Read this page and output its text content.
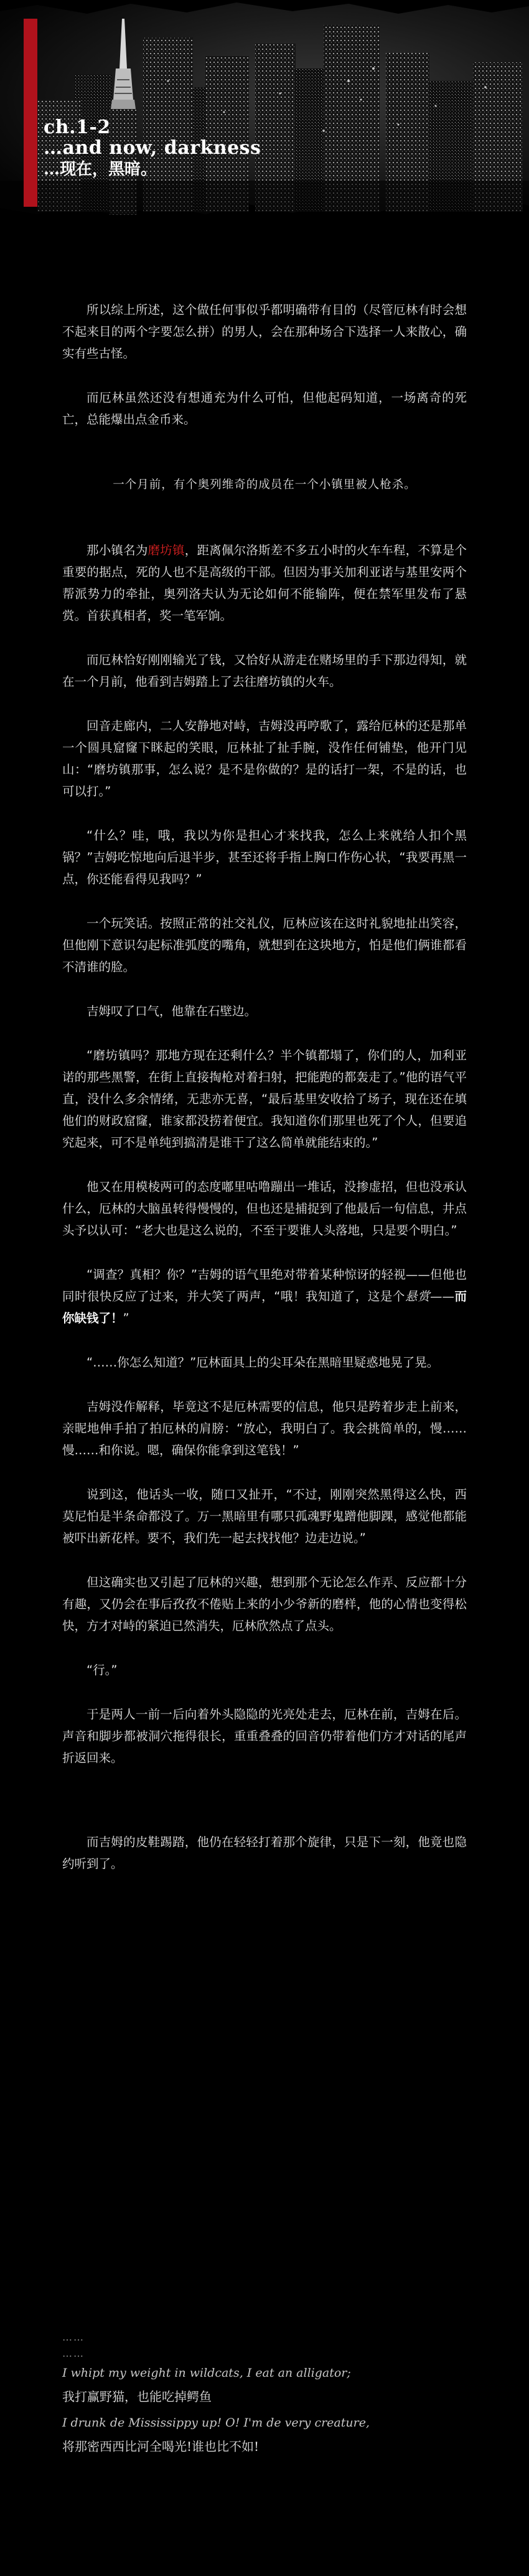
ch.1-2
…and now, darkness
…现在，黑暗。

所以综上所述，这个做任何事似乎都明确带有目的（尽管厄林有时会想不起来目的两个字要怎么拼）的男人，会在那种场合下选择一人来散心，确实有些古怪。

而厄林虽然还没有想通充为什么可怕，但他起码知道，一场离奇的死亡，总能爆出点金币来。

一个月前，有个奥列维奇的成员在一个小镇里被人枪杀。

那小镇名为磨坊镇，距离佩尔洛斯差不多五小时的火车车程，不算是个重要的据点，死的人也不是高级的干部。但因为事关加利亚诺与基里安两个帮派势力的牵扯，奥列洛夫认为无论如何不能输阵，便在禁军里发布了悬赏。首获真相者，奖一笔军饷。

而厄林恰好刚刚输光了钱，又恰好从游走在赌场里的手下那边得知，就在一个月前，他看到吉姆踏上了去往磨坊镇的火车。

回音走廊内，二人安静地对峙，吉姆没再哼歌了，露给厄林的还是那单一个圆具窟窿下眯起的笑眼，厄林扯了扯手腕，没作任何铺垫，他开门见山：“磨坊镇那事，怎么说？是不是你做的？是的话打一架，不是的话，也可以打。”

“什么？哇，哦，我以为你是担心才来找我，怎么上来就给人扣个黑锅？”吉姆吃惊地向后退半步，甚至还将手指上胸口作伤心状，“我要再黑一点，你还能看得见我吗？”

一个玩笑话。按照正常的社交礼仪，厄林应该在这时礼貌地扯出笑容，但他刚下意识勾起标准弧度的嘴角，就想到在这块地方，怕是他们俩谁都看不清谁的脸。

吉姆叹了口气，他靠在石壁边。

“磨坊镇吗？那地方现在还剩什么？半个镇都塌了，你们的人，加利亚诺的那些黑警，在街上直接掏枪对着扫射，把能跑的都轰走了。”他的语气平直，没什么多余情绪，无悲亦无喜，“最后基里安收拾了场子，现在还在填他们的财政窟窿，谁家都没捞着便宜。我知道你们那里也死了个人，但要追究起来，可不是单纯到搞清是谁干了这么简单就能结束的。”

他又在用模棱两可的态度嘟里咕噜蹦出一堆话，没掺虚招，但也没承认什么，厄林的大脑虽转得慢慢的，但也还是捕捉到了他最后一句信息，井点头予以认可：“老大也是这么说的，不至于要谁人头落地，只是要个明白。”

“调查？真相？你？”吉姆的语气里绝对带着某种惊讶的轻视——但他也同时很快反应了过来，并大笑了两声，“哦！我知道了，这是个悬赏——而你缺钱了！”

“……你怎么知道？”厄林面具上的尖耳朵在黑暗里疑惑地晃了晃。

吉姆没作解释，毕竟这不是厄林需要的信息，他只是跨着步走上前来，亲昵地伸手拍了拍厄林的肩膀：“放心，我明白了。我会挑简单的，慢……慢……和你说。嗯，确保你能拿到这笔钱！”

说到这，他话头一收，随口又扯开，“不过，刚刚突然黑得这么快，西莫尼怕是半条命都没了。万一黑暗里有哪只孤魂野鬼蹭他脚踝，感觉他都能被吓出新花样。要不，我们先一起去找找他？边走边说。”

但这确实也又引起了厄林的兴趣，想到那个无论怎么作弄、反应都十分有趣，又仍会在事后孜孜不倦贴上来的小少爷新的磨样，他的心情也变得松快，方才对峙的紧迫已然消失，厄林欣然点了点头。

“行。”

于是两人一前一后向着外头隐隐的光亮处走去，厄林在前，吉姆在后。声音和脚步都被洞穴拖得很长，重重叠叠的回音仍带着他们方才对话的尾声折返回来。

而吉姆的皮鞋踢踏，他仍在轻轻打着那个旋律，只是下一刻，他竟也隐约听到了。

……
……
I whipt my weight in wildcats, I eat an alligator;
我打赢野猫，也能吃掉鳄鱼
I drunk de Mississippy up! O! I'm de very creature,
将那密西西比河全喝光!谁也比不如!
